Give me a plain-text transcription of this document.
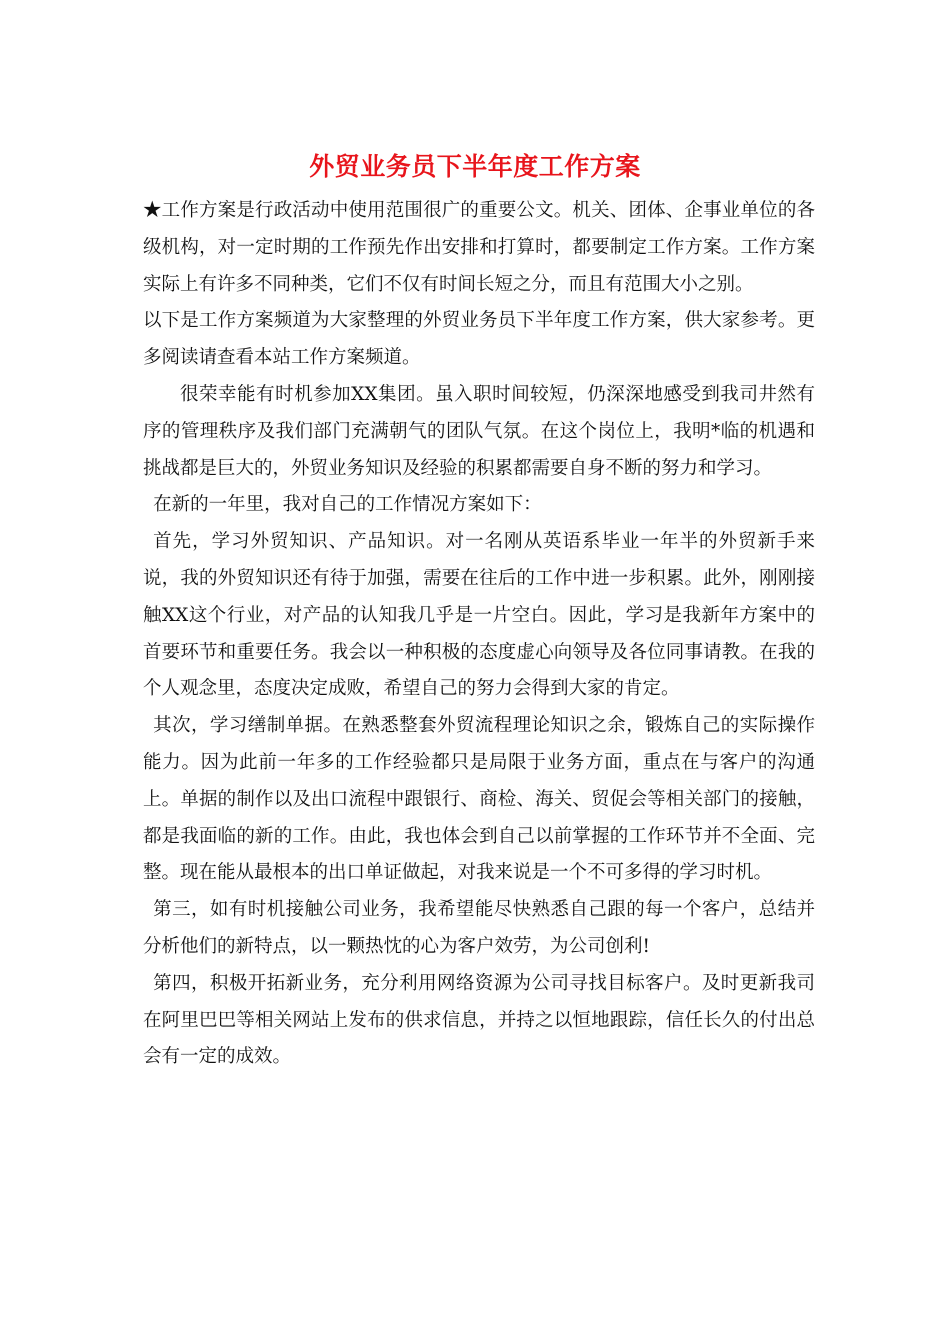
外贸业务员下半年度工作方案

★工作方案是行政活动中使用范围很广的重要公文。机关、团体、企事业单位的各级机构，对一定时期的工作预先作出安排和打算时，都要制定工作方案。工作方案实际上有许多不同种类，它们不仅有时间长短之分，而且有范围大小之别。

以下是工作方案频道为大家整理的外贸业务员下半年度工作方案，供大家参考。更多阅读请查看本站工作方案频道。

很荣幸能有时机参加XX集团。虽入职时间较短，仍深深地感受到我司井然有序的管理秩序及我们部门充满朝气的团队气氛。在这个岗位上，我明*临的机遇和挑战都是巨大的，外贸业务知识及经验的积累都需要自身不断的努力和学习。

在新的一年里，我对自己的工作情况方案如下：

首先，学习外贸知识、产品知识。对一名刚从英语系毕业一年半的外贸新手来说，我的外贸知识还有待于加强，需要在往后的工作中进一步积累。此外，刚刚接触XX这个行业，对产品的认知我几乎是一片空白。因此，学习是我新年方案中的首要环节和重要任务。我会以一种积极的态度虚心向领导及各位同事请教。在我的个人观念里，态度决定成败，希望自己的努力会得到大家的肯定。

其次，学习缮制单据。在熟悉整套外贸流程理论知识之余，锻炼自己的实际操作能力。因为此前一年多的工作经验都只是局限于业务方面，重点在与客户的沟通上。单据的制作以及出口流程中跟银行、商检、海关、贸促会等相关部门的接触，都是我面临的新的工作。由此，我也体会到自己以前掌握的工作环节并不全面、完整。现在能从最根本的出口单证做起，对我来说是一个不可多得的学习时机。

第三，如有时机接触公司业务，我希望能尽快熟悉自己跟的每一个客户，总结并分析他们的新特点，以一颗热忱的心为客户效劳，为公司创利!

第四，积极开拓新业务，充分利用网络资源为公司寻找目标客户。及时更新我司在阿里巴巴等相关网站上发布的供求信息，并持之以恒地跟踪，信任长久的付出总会有一定的成效。
